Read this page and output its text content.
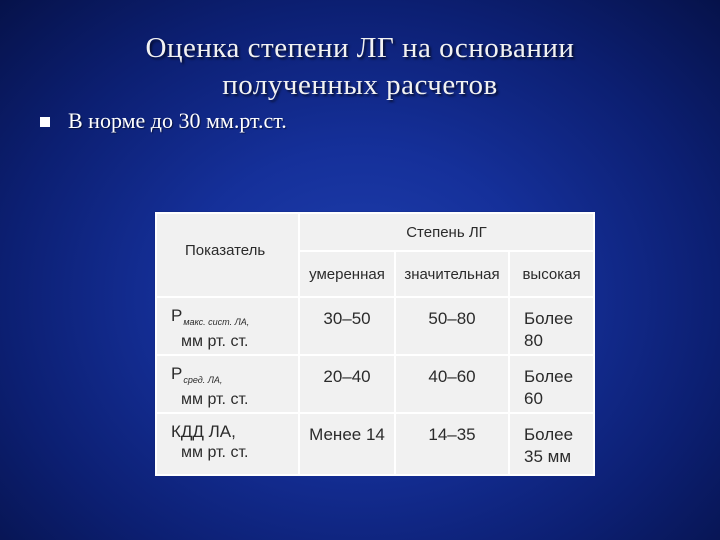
Оценка степени ЛГ на основании
полученных расчетов
В норме до 30 мм.рт.ст.
Показатель	Степень ЛГ		
	умеренная	значительная	высокая
$Р_{макс. сист. ЛА,}$
мм рт. ст.	30–50	50–80	Более 80
$Р_{сред. ЛА,}$
мм рт. ст.	20–40	40–60	Более 60
КДД ЛА,
мм рт. ст.	Менее 14	14–35	Более
35 мм
